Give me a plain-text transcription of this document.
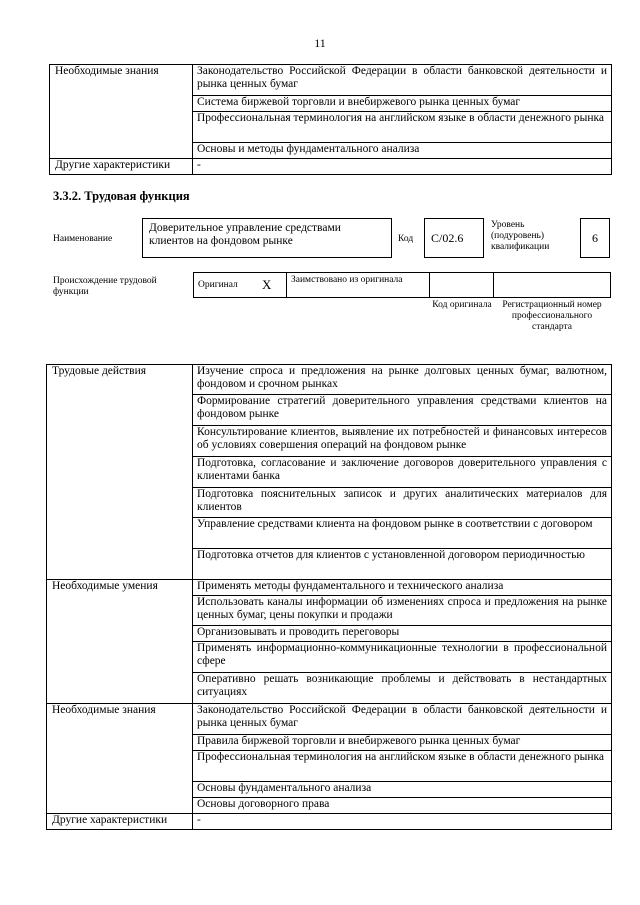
11
Необходимые знания	Законодательство Российской Федерации в области банковской деятельности и рынка ценных бумаг
	Система биржевой торговли и внебиржевого рынка ценных бумаг
	Профессиональная терминология на английском языке в области денежного рынка
	Основы и методы фундаментального анализа
Другие характеристики	-
3.3.2. Трудовая функция
Наименование
Доверительное управление средствами клиентов на фондовом рынке	Код	С/02.6
Уровень (подуровень) квалификации
6
Происхождение трудовой функции
Оригинал X Заимствовано из оригинала
Код оригинала	Регистрационный номер профессионального стандарта
Трудовые действия	Изучение спроса и предложения на рынке долговых ценных бумаг, валютном, фондовом и срочном рынках
	Формирование стратегий доверительного управления средствами клиентов на фондовом рынке
	Консультирование клиентов, выявление их потребностей и финансовых интересов об условиях совершения операций на фондовом рынке
	Подготовка, согласование и заключение договоров доверительного управления с клиентами банка
	Подготовка пояснительных записок и других аналитических материалов для клиентов
	Управление средствами клиента на фондовом рынке в соответствии с договором
	Подготовка отчетов для клиентов с установленной договором периодичностью
Необходимые умения	Применять методы фундаментального и технического анализа
	Использовать каналы информации об изменениях спроса и предложения на рынке ценных бумаг, цены покупки и продажи
	Организовывать и проводить переговоры
	Применять информационно-коммуникационные технологии в профессиональной сфере
	Оперативно решать возникающие проблемы и действовать в нестандартных ситуациях
Необходимые знания	Законодательство Российской Федерации в области банковской деятельности и рынка ценных бумаг
	Правила биржевой торговли и внебиржевого рынка ценных бумаг
	Профессиональная терминология на английском языке в области денежного рынка
	Основы фундаментального анализа
	Основы договорного права
Другие характеристики	-
